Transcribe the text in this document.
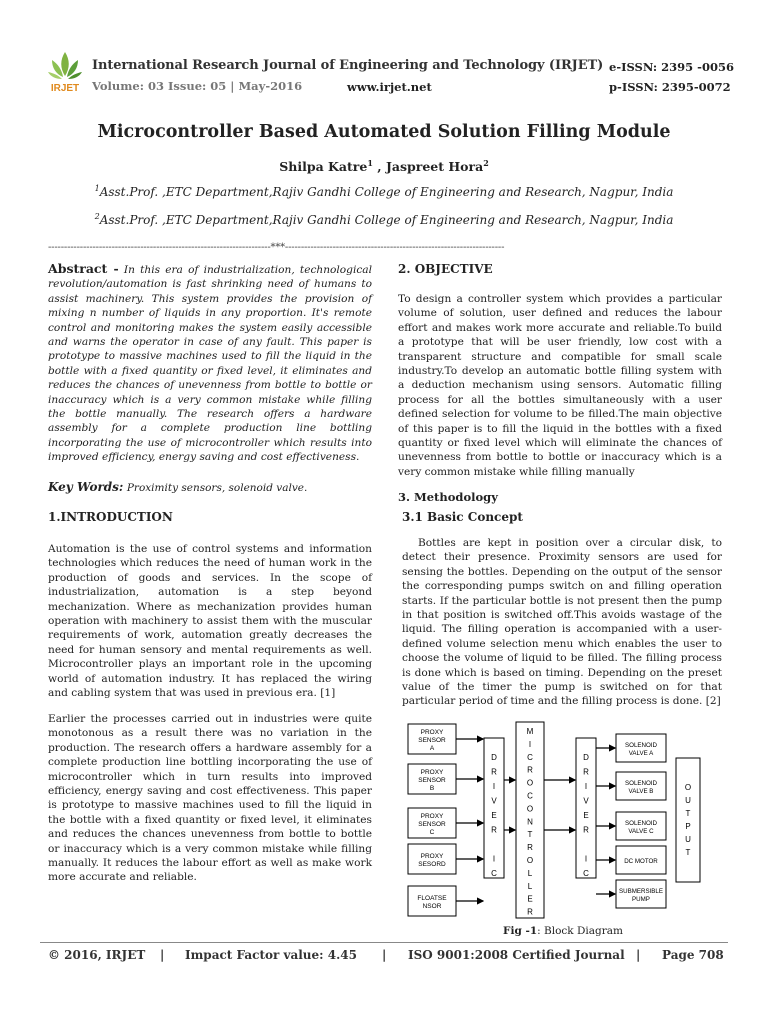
IRJET
International Research Journal of Engineering and Technology (IRJET)
Volume: 03 Issue: 05 | May-2016	www.irjet.net
e-ISSN: 2395 -0056
p-ISSN: 2395-0072
Microcontroller Based Automated Solution Filling Module
Shilpa Katre$^1$ , Jaspreet Hora$^2$
$^1$Asst.Prof. ,ETC Department,Rajiv Gandhi College of Engineering and Research, Nagpur, India
$^2$Asst.Prof. ,ETC Department,Rajiv Gandhi College of Engineering and Research, Nagpur, India
----------------------------------------------------------------------***---------------------------------------------------------------------
Abstract - In this era of industrialization, technological revolution/automation is fast shrinking need of humans to assist machinery. This system provides the provision of mixing n number of liquids in any proportion. It's remote control and monitoring makes the system easily accessible and warns the operator in case of any fault. This paper is prototype to massive machines used to fill the liquid in the bottle with a fixed quantity or fixed level, it eliminates and reduces the chances of unevenness from bottle to bottle or inaccuracy which is a very common mistake while filling the bottle manually. The research offers a hardware assembly for a complete production line bottling incorporating the use of microcontroller which results into improved efficiency, energy saving and cost effectiveness.
Key Words: Proximity sensors, solenoid valve.
1.INTRODUCTION
Automation is the use of control systems and information technologies which reduces the need of human work in the production of goods and services. In the scope of industrialization, automation is a step beyond mechanization. Where as mechanization provides human operation with machinery to assist them with the muscular requirements of work, automation greatly decreases the need for human sensory and mental requirements as well. Microcontroller plays an important role in the upcoming world of automation industry. It has replaced the wiring and cabling system that was used in previous era. [1]
Earlier the processes carried out in industries were quite monotonous as a result there was no variation in the production. The research offers a hardware assembly for a complete production line bottling incorporating the use of microcontroller which in turn results into improved efficiency, energy saving and cost effectiveness. This paper is prototype to massive machines used to fill the liquid in the bottle with a fixed quantity or fixed level, it eliminates and reduces the chances unevenness from bottle to bottle or inaccuracy which is a very common mistake while filling manually. It reduces the labour effort as well as make work more accurate and reliable.
2. OBJECTIVE
To design a controller system which provides a particular volume of solution, user defined and reduces the labour effort and makes work more accurate and reliable.To build a prototype that will be user friendly, low cost with a transparent structure and compatible for small scale industry.To develop an automatic bottle filling system with a deduction mechanism using sensors. Automatic filling process for all the bottles simultaneously with a user defined selection for volume to be filled.The main objective of this paper is to fill the liquid in the bottles with a fixed quantity or fixed level which will eliminate the chances of unevenness from bottle to bottle or inaccuracy which is a very common mistake while filling manually
3. Methodology
3.1 Basic Concept
Bottles are kept in position over a circular disk, to detect their presence. Proximity sensors are used for sensing the bottles. Depending on the output of the sensor the corresponding pumps switch on and filling operation starts. If the particular bottle is not present then the pump in that position is switched off.This avoids wastage of the liquid. The filling operation is accompanied with a user-defined volume selection menu which enables the user to choose the volume of liquid to be filled. The filling process is done which is based on timing. Depending on the preset value of the timer the pump is switched on for that particular period of time and the filling process is done. [2]
PROXY
SENSOR
A
PROXY
SENSOR
B
PROXY
SENSOR
C
PROXY
SESORD
FLOATSE
NSOR
D
R
I
V
E
R
I
C
M
I
C
R
O
C
O
N
T
R
O
L
L
E
R
D
R
I
V
E
R
I
C
SOLENOID
VALVE A
SOLENOID
VALVE B
SOLENOID
VALVE C
DC MOTOR
SUBMERSIBLE
PUMP
O
U
T
P
U
T
Fig -1: Block Diagram
© 2016, IRJET | Impact Factor value: 4.45 | ISO 9001:2008 Certified Journal | Page 708
